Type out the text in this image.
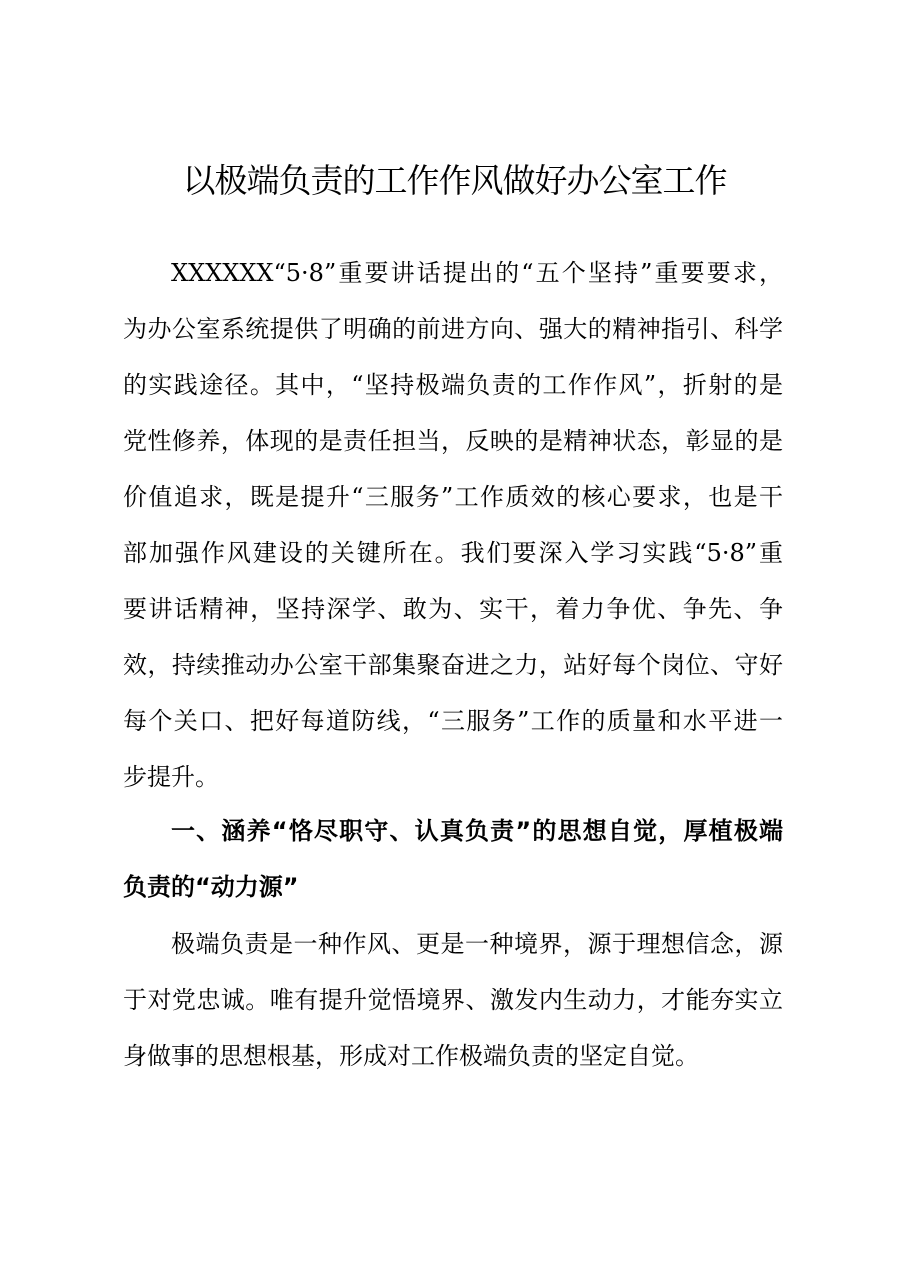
以极端负责的工作作风做好办公室工作
XXXXXX“5·8”重要讲话提出的“五个坚持”重要要求，
为办公室系统提供了明确的前进方向、强大的精神指引、科学
的实践途径。其中，“坚持极端负责的工作作风”，折射的是
党性修养，体现的是责任担当，反映的是精神状态，彰显的是
价值追求，既是提升“三服务”工作质效的核心要求，也是干
部加强作风建设的关键所在。我们要深入学习实践“5·8”重
要讲话精神，坚持深学、敢为、实干，着力争优、争先、争
效，持续推动办公室干部集聚奋进之力，站好每个岗位、守好
每个关口、把好每道防线，“三服务”工作的质量和水平进一
步提升。
一、涵养“恪尽职守、认真负责”的思想自觉，厚植极端
负责的“动力源”
极端负责是一种作风、更是一种境界，源于理想信念，源
于对党忠诚。唯有提升觉悟境界、激发内生动力，才能夯实立
身做事的思想根基，形成对工作极端负责的坚定自觉。
